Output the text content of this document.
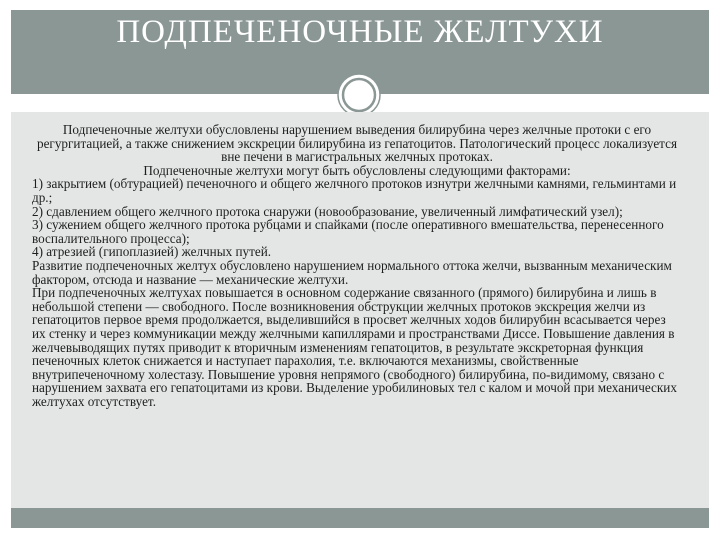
ПОДПЕЧЕНОЧНЫЕ ЖЕЛТУХИ

Подпеченочные желтухи обусловлены нарушением выведения билирубина через желчные протоки с его регургитацией, а также снижением экскреции билирубина из гепатоцитов. Патологический процесс локализуется вне печени в магистральных желчных протоках.

Подпеченочные желтухи могут быть обусловлены следующими факторами:

1) закрытием (обтурацией) печеночного и общего желчного протоков изнутри желчными камнями, гельминтами и др.;

2) сдавлением общего желчного протока снаружи (новообразование, увеличенный лимфатический узел);

3) сужением общего желчного протока рубцами и спайками (после оперативного вмешательства, перенесенного воспалительного процесса);

4) атрезией (гипоплазией) желчных путей.

Развитие подпеченочных желтух обусловлено нарушением нормального оттока желчи, вызванным механическим фактором, отсюда и название — механические желтухи.

При подпеченочных желтухах повышается в основном содержание связанного (прямого) билирубина и лишь в небольшой степени — свободного. После возникновения обструкции желчных протоков экскреция желчи из гепатоцитов первое время продолжается, выделившийся в просвет желчных ходов билирубин всасывается через их стенку и через коммуникации между желчными капиллярами и пространствами Диссе. Повышение давления в желчевыводящих путях приводит к вторичным изменениям гепатоцитов, в результате экскреторная функция печеночных клеток снижается и наступает парахолия, т.е. включаются механизмы, свойственные внутрипеченочному холестазу. Повышение уровня непрямого (свободного) билирубина, по-видимому, связано с нарушением захвата его гепатоцитами из крови. Выделение уробилиновых тел с калом и мочой при механических желтухах отсутствует.
